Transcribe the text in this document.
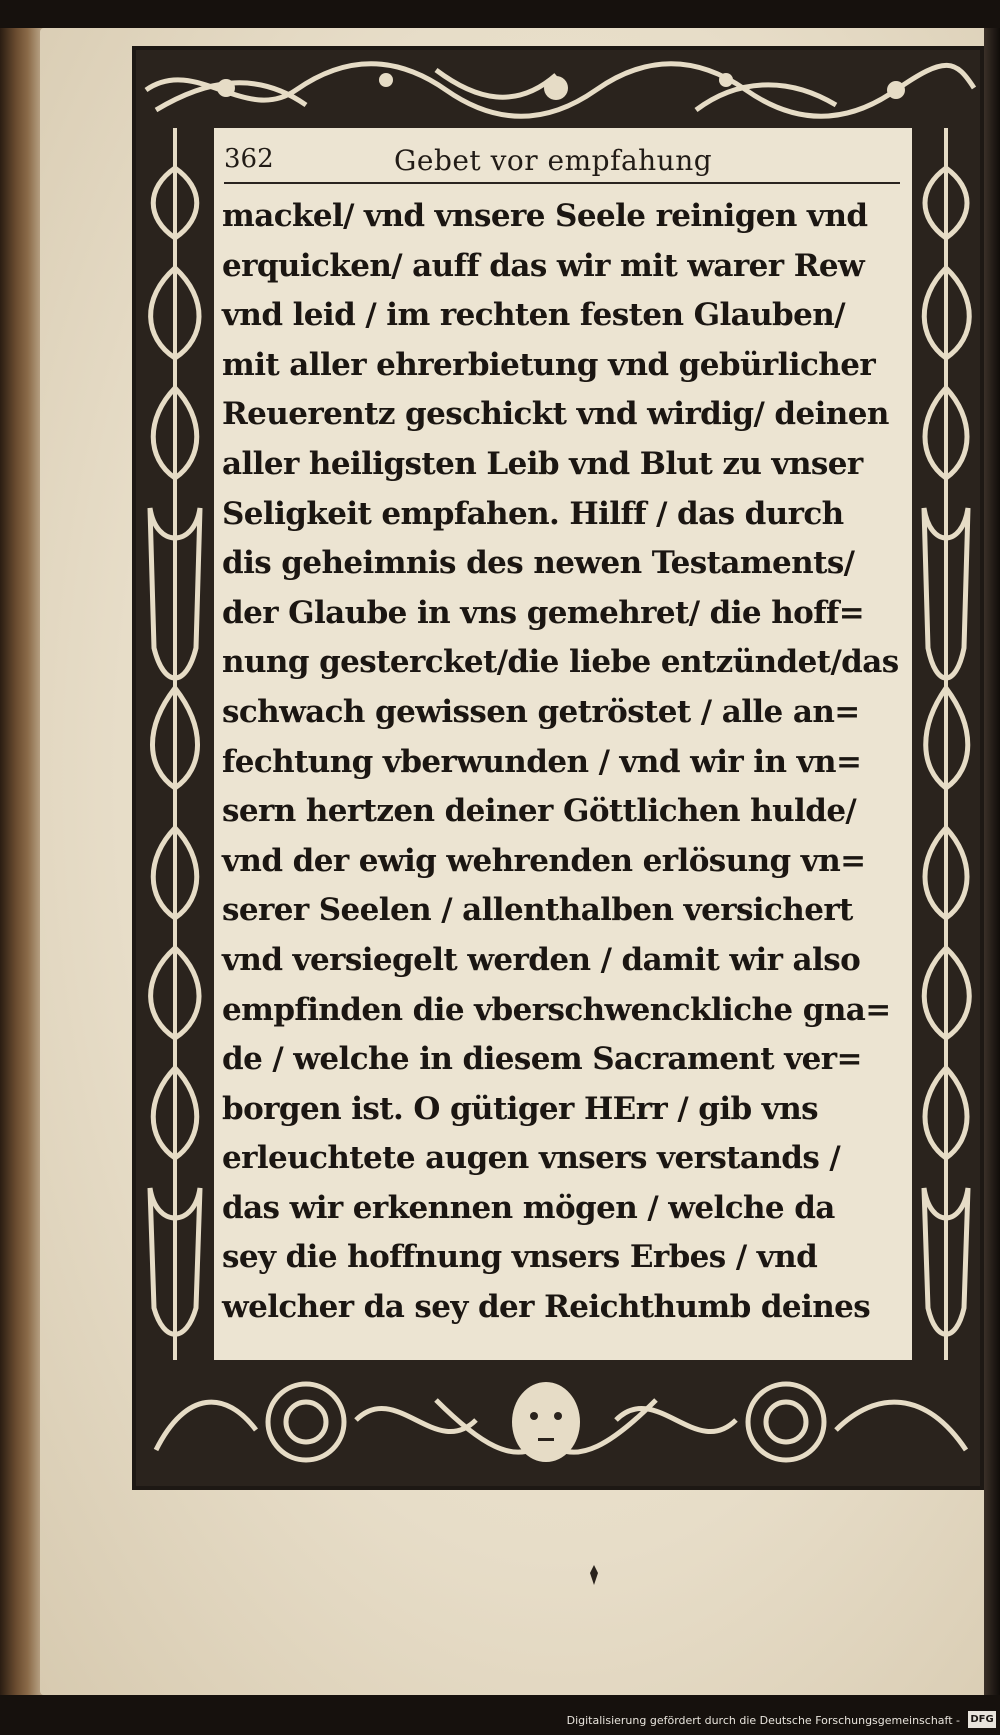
362	Gebet vor empfahung
mackel/ vnd vnsere Seele reinigen vnd
erquicken/ auff das wir mit warer Rew
vnd leid / im rechten festen Glauben/
mit aller ehrerbietung vnd gebürlicher
Reuerentz geschickt vnd wirdig/ deinen
aller heiligsten Leib vnd Blut zu vnser
Seligkeit empfahen. Hilff / das durch
dis geheimnis des newen Testaments/
der Glaube in vns gemehret/ die hoff=
nung gestercket/die liebe entzündet/das
schwach gewissen getröstet / alle an=
fechtung vberwunden / vnd wir in vn=
sern hertzen deiner Göttlichen hulde/
vnd der ewig wehrenden erlösung vn=
serer Seelen / allenthalben versichert
vnd versiegelt werden / damit wir also
empfinden die vberschwenckliche gna=
de / welche in diesem Sacrament ver=
borgen ist. O gütiger HErr / gib vns
erleuchtete augen vnsers verstands /
das wir erkennen mögen / welche da
sey die hoffnung vnsers Erbes / vnd
welcher da sey der Reichthumb deines
Digitalisierung gefördert durch die Deutsche Forschungsgemeinschaft - DFG
